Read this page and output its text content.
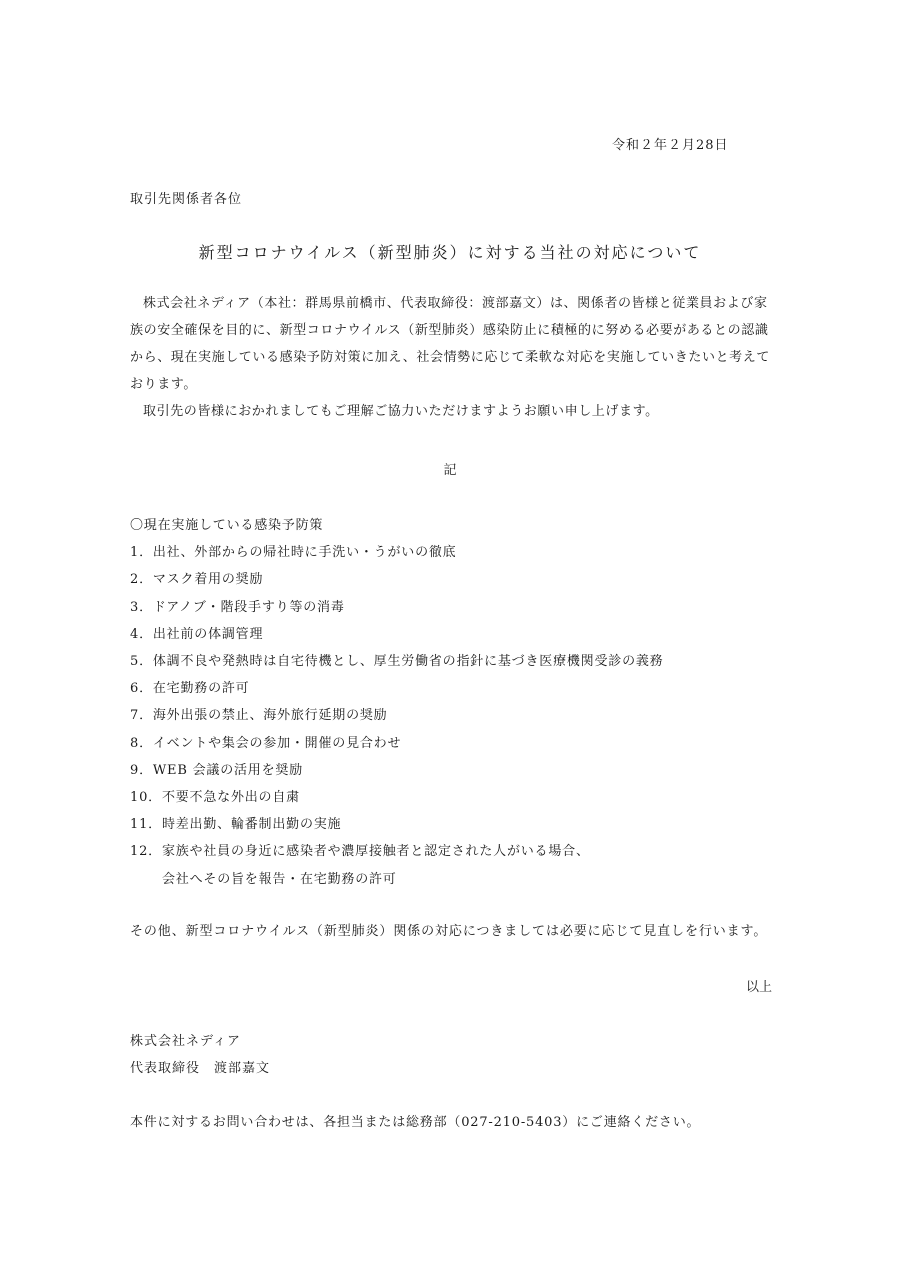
令和２年２月28日
取引先関係者各位
新型コロナウイルス（新型肺炎）に対する当社の対応について

株式会社ネディア（本社：群馬県前橋市、代表取締役：渡部嘉文）は、関係者の皆様と従業員および家族の安全確保を目的に、新型コロナウイルス（新型肺炎）感染防止に積極的に努める必要があるとの認識から、現在実施している感染予防対策に加え、社会情勢に応じて柔軟な対応を実施していきたいと考えております。

取引先の皆様におかれましてもご理解ご協力いただけますようお願い申し上げます。

記
〇現在実施している感染予防策
1．出社、外部からの帰社時に手洗い・うがいの徹底
2．マスク着用の奨励
3．ドアノブ・階段手すり等の消毒
4．出社前の体調管理
5．体調不良や発熱時は自宅待機とし、厚生労働省の指針に基づき医療機関受診の義務
6．在宅勤務の許可
7．海外出張の禁止、海外旅行延期の奨励
8．イベントや集会の参加・開催の見合わせ
9．WEB 会議の活用を奨励
10．不要不急な外出の自粛
11．時差出勤、輪番制出勤の実施
12．家族や社員の身近に感染者や濃厚接触者と認定された人がいる場合、
会社へその旨を報告・在宅勤務の許可
その他、新型コロナウイルス（新型肺炎）関係の対応につきましては必要に応じて見直しを行います。
以上
株式会社ネディア
代表取締役　渡部嘉文
本件に対するお問い合わせは、各担当または総務部（027-210-5403）にご連絡ください。
